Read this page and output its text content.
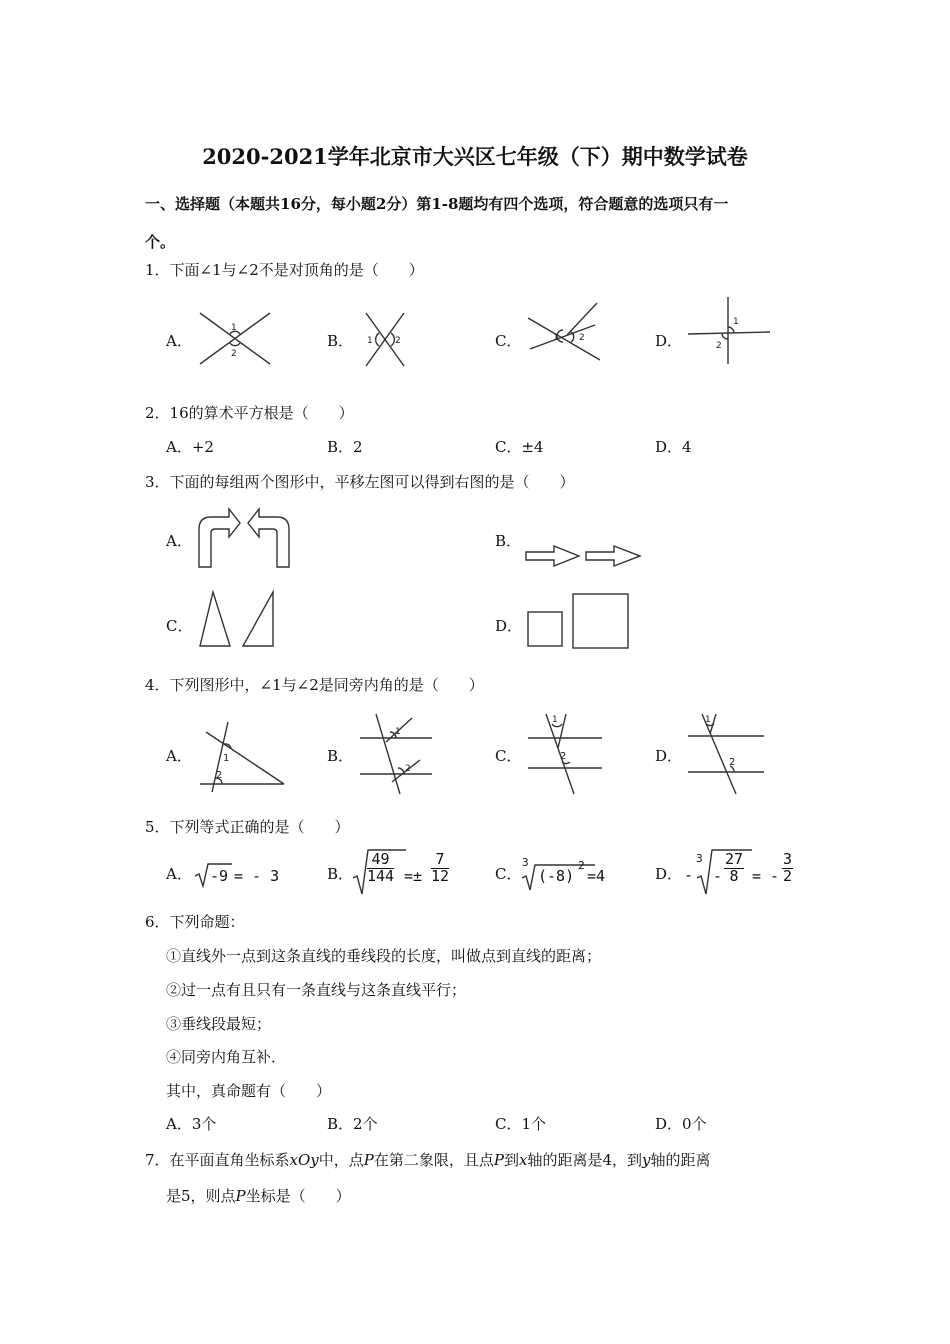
2020-2021学年北京市大兴区七年级（下）期中数学试卷
一、选择题（本题共16分，每小题2分）第1-8题均有四个选项，符合题意的选项只有一
个。
1．下面∠1与∠2不是对顶角的是（　　）
A．
1
2
B． 1 2	C．	1 2	D．
1
2
2．16的算术平方根是（　　）
A．+2	B．2	C．±4	D．4
3．下面的每组两个图形中，平移左图可以得到右图的是（　　）
A．	B．
C．	D．
4．下列图形中，∠1与∠2是同旁内角的是（　　）
A．	1
2
B．
1
2
C．
1
2	D．
1
2
5．下列等式正确的是（　　）
A． -9 = - 3	B． $\frac{49}{144} =\pm \frac{7}{12}$	C．
3
(-8)
2
=4	D． -
3
- $\frac{27}{8}$ = - $\frac{3}{2}$
6．下列命题：
①直线外一点到这条直线的垂线段的长度，叫做点到直线的距离；
②过一点有且只有一条直线与这条直线平行；
③垂线段最短；
④同旁内角互补．
其中，真命题有（　　）
A．3个	B．2个	C．1个	D．0个
7．在平面直角坐标系xOy中，点P在第二象限，且点P到x轴的距离是4，到y轴的距离
是5，则点P坐标是（　　）
